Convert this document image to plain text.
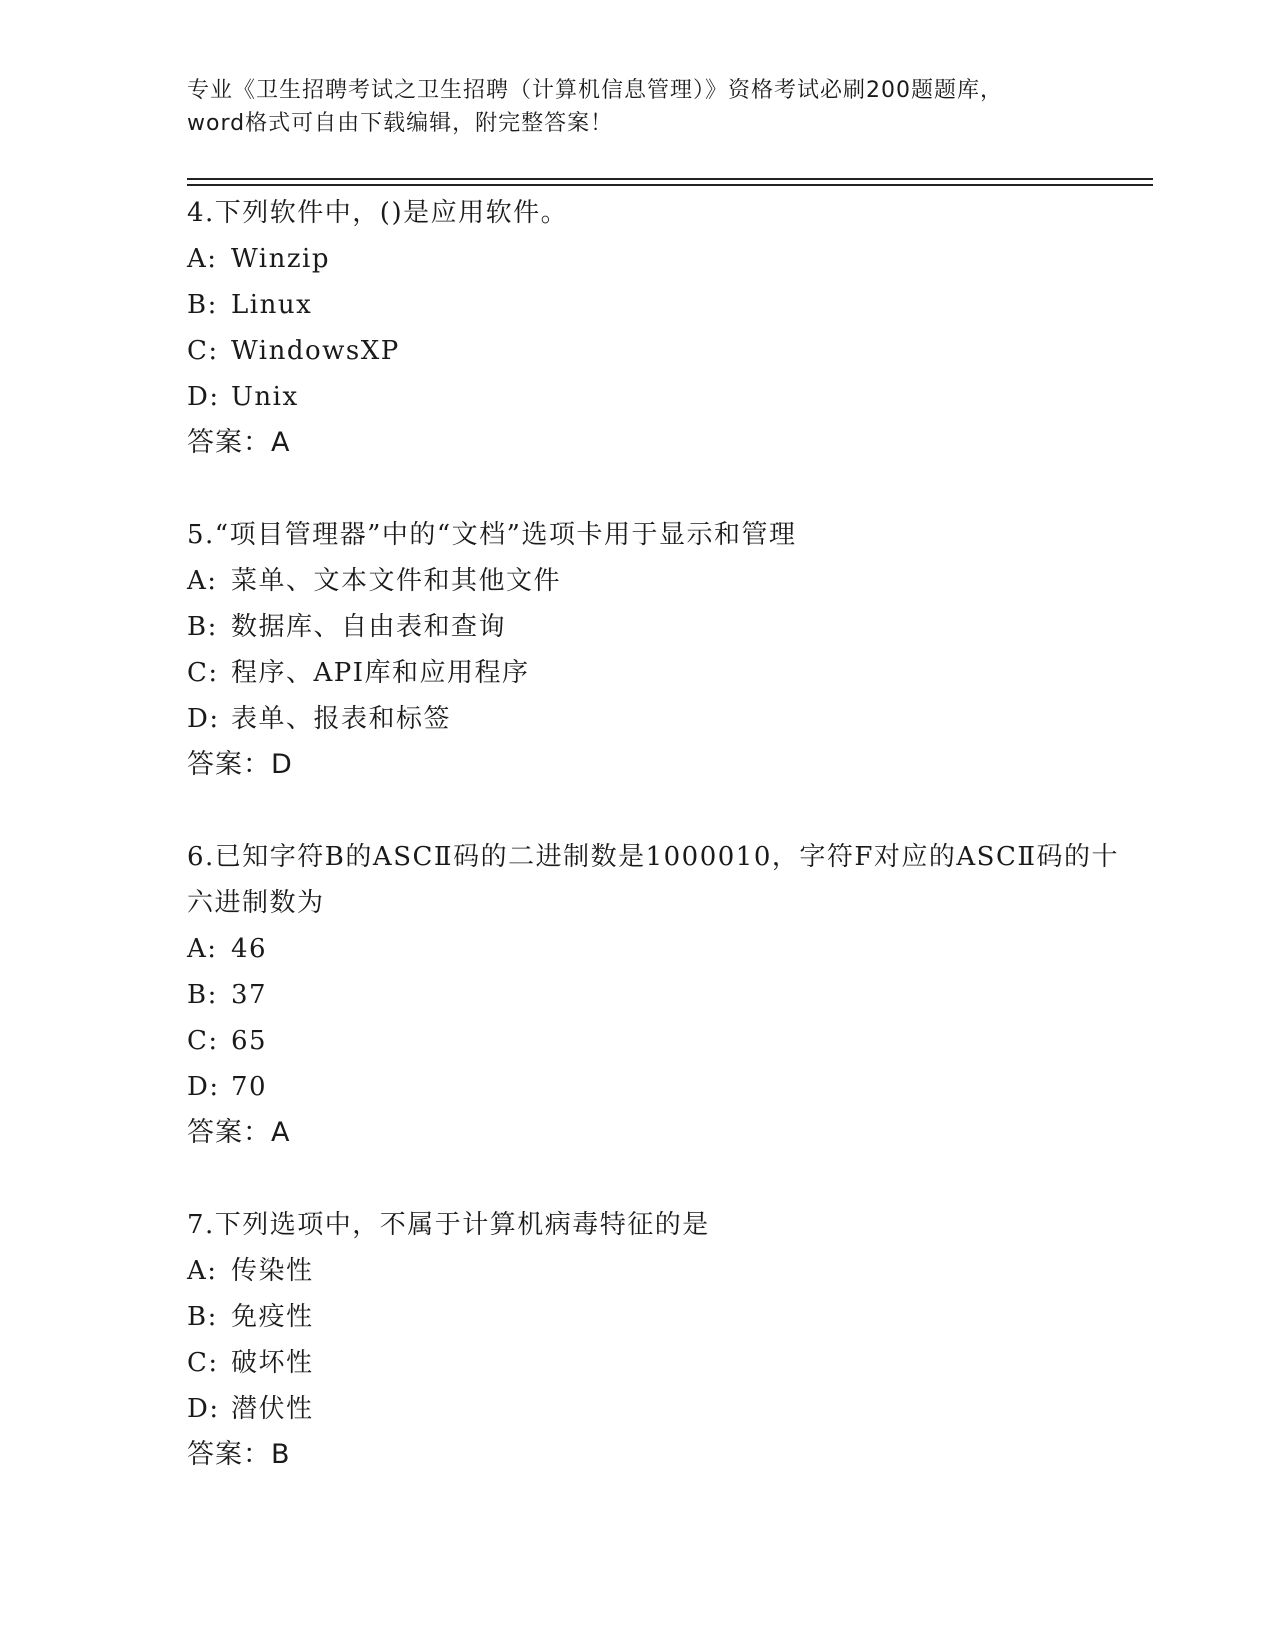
专业《卫生招聘考试之卫生招聘（计算机信息管理）》资格考试必刷200题题库，
word格式可自由下载编辑，附完整答案！

4.下列软件中，()是应用软件。

A: Winzip
B: Linux
C: WindowsXP
D: Unix

答案：A

5.“项目管理器”中的“文档”选项卡用于显示和管理

A: 菜单、文本文件和其他文件
B: 数据库、自由表和查询
C: 程序、API库和应用程序
D: 表单、报表和标签

答案：D

6.已知字符B的ASCⅡ码的二进制数是1000010，字符F对应的ASCⅡ码的十六进制数为

A: 46
B: 37
C: 65
D: 70

答案：A

7.下列选项中，不属于计算机病毒特征的是

A: 传染性
B: 免疫性
C: 破坏性
D: 潜伏性

答案：B
